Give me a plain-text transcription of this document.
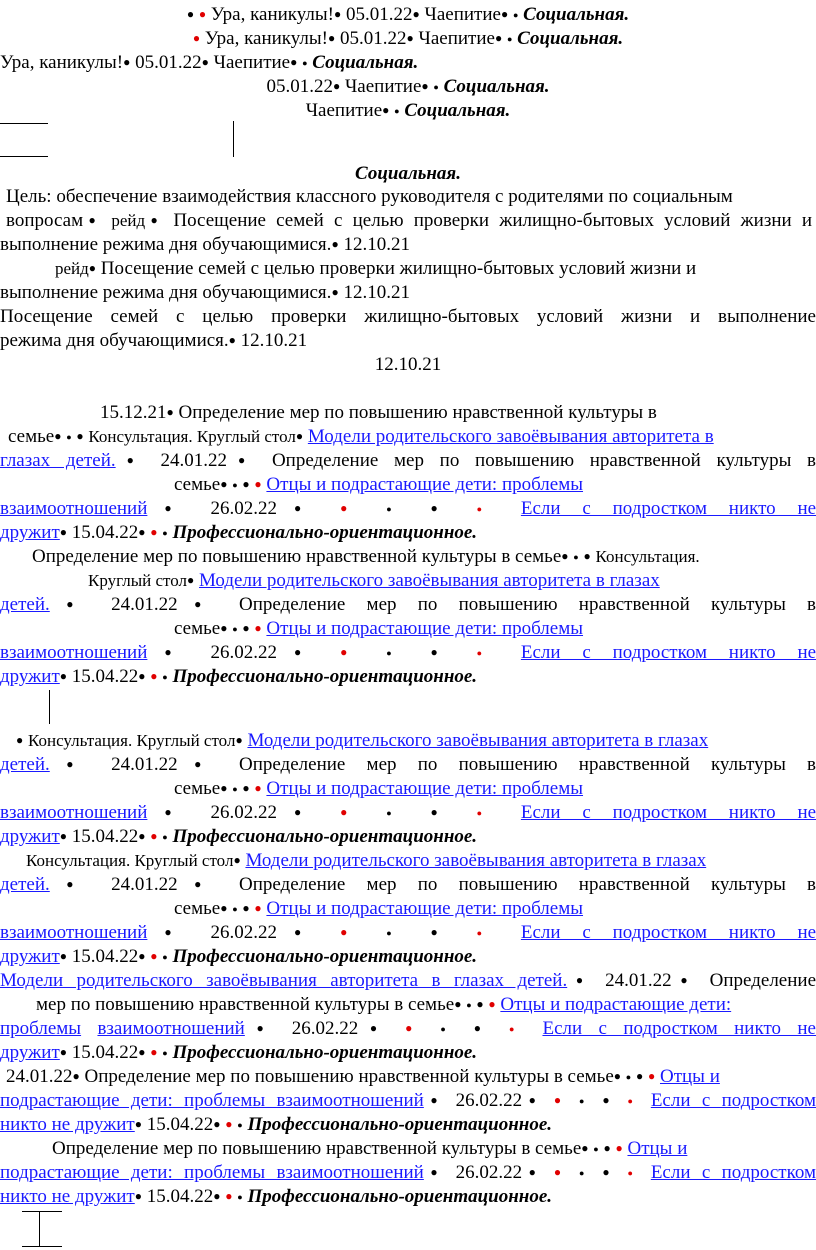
● ● Ура, каникулы!● 05.01.22● Чаепитие● ● Социальная.
● Ура, каникулы!● 05.01.22● Чаепитие● ● Социальная.
Ура, каникулы!● 05.01.22● Чаепитие● ● Социальная.
05.01.22● Чаепитие● ● Социальная.
Чаепитие● ● Социальная.
Социальная.
Цель: обеспечение взаимодействия классного руководителя с родителями по социальным
вопросам● рейд● Посещение семей с целью проверки жилищно-бытовых условий жизни и
выполнение режима дня обучающимися.● 12.10.21
рейд● Посещение семей с целью проверки жилищно-бытовых условий жизни и
выполнение режима дня обучающимися.● 12.10.21
Посещение семей с целью проверки жилищно-бытовых условий жизни и выполнение
режима дня обучающимися.● 12.10.21
12.10.21
15.12.21● Определение мер по повышению нравственной культуры в
семье● ● ● Консультация. Круглый стол● Модели родительского завоёвывания авторитета в
глазах детей.● 24.01.22● Определение мер по повышению нравственной культуры в
семье● ● ● ● Отцы и подрастающие дети: проблемы
взаимоотношений● 26.02.22● ● ● ● ● Если с подростком никто не
дружит● 15.04.22● ● ● Профессионально-ориентационное.
Определение мер по повышению нравственной культуры в семье● ● ● Консультация.
Круглый стол● Модели родительского завоёвывания авторитета в глазах
детей.● 24.01.22● Определение мер по повышению нравственной культуры в
семье● ● ● ● Отцы и подрастающие дети: проблемы
взаимоотношений● 26.02.22● ● ● ● ● Если с подростком никто не
дружит● 15.04.22● ● ● Профессионально-ориентационное.
● Консультация. Круглый стол● Модели родительского завоёвывания авторитета в глазах
детей.● 24.01.22● Определение мер по повышению нравственной культуры в
семье● ● ● ● Отцы и подрастающие дети: проблемы
взаимоотношений● 26.02.22● ● ● ● ● Если с подростком никто не
дружит● 15.04.22● ● ● Профессионально-ориентационное.
Консультация. Круглый стол● Модели родительского завоёвывания авторитета в глазах
детей.● 24.01.22● Определение мер по повышению нравственной культуры в
семье● ● ● ● Отцы и подрастающие дети: проблемы
взаимоотношений● 26.02.22● ● ● ● ● Если с подростком никто не
дружит● 15.04.22● ● ● Профессионально-ориентационное.
Модели родительского завоёвывания авторитета в глазах детей.● 24.01.22● Определение
мер по повышению нравственной культуры в семье● ● ● ● Отцы и подрастающие дети:
проблемы взаимоотношений● 26.02.22● ● ● ● ● Если с подростком никто не
дружит● 15.04.22● ● ● Профессионально-ориентационное.
24.01.22● Определение мер по повышению нравственной культуры в семье● ● ● ● Отцы и
подрастающие дети: проблемы взаимоотношений● 26.02.22● ● ● ● ● Если с подростком
никто не дружит● 15.04.22● ● ● Профессионально-ориентационное.
Определение мер по повышению нравственной культуры в семье● ● ● ● Отцы и
подрастающие дети: проблемы взаимоотношений● 26.02.22● ● ● ● ● Если с подростком
никто не дружит● 15.04.22● ● ● Профессионально-ориентационное.
